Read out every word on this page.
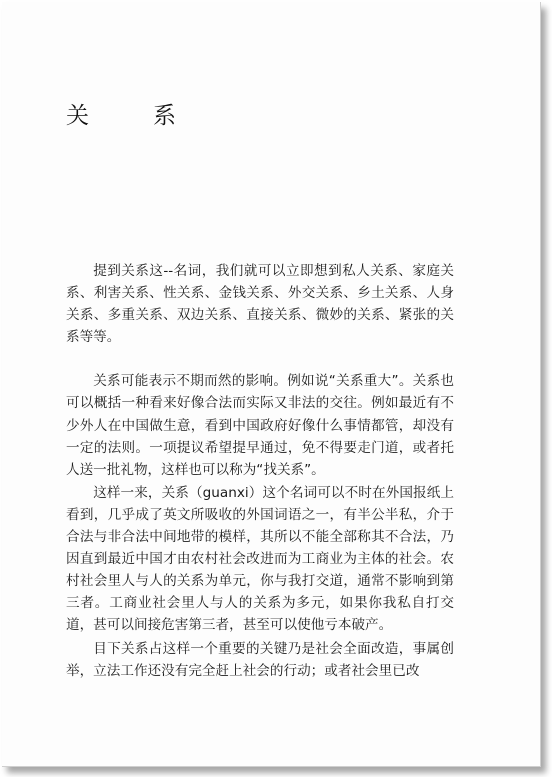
关	系

提到关系这--名词，我们就可以立即想到私人关系、家庭关系、利害关系、性关系、金钱关系、外交关系、乡土关系、人身关系、多重关系、双边关系、直接关系、微妙的关系、紧张的关系等等。

关系可能表示不期而然的影响。例如说“关系重大”。关系也可以概括一种看来好像合法而实际又非法的交往。例如最近有不少外人在中国做生意，看到中国政府好像什么事情都管，却没有一定的法则。一项提议希望提早通过，免不得要走门道，或者托人送一批礼物，这样也可以称为“找关系”。

这样一来，关系（guanxi）这个名词可以不时在外国报纸上看到，几乎成了英文所吸收的外国词语之一，有半公半私，介于合法与非合法中间地带的模样，其所以不能全部称其不合法，乃因直到最近中国才由农村社会改进而为工商业为主体的社会。农村社会里人与人的关系为单元，你与我打交道，通常不影响到第三者。工商业社会里人与人的关系为多元，如果你我私自打交道，甚可以间接危害第三者，甚至可以使他亏本破产。

目下关系占这样一个重要的关键乃是社会全面改造，事属创举，立法工作还没有完全赶上社会的行动；或者社会里已改
